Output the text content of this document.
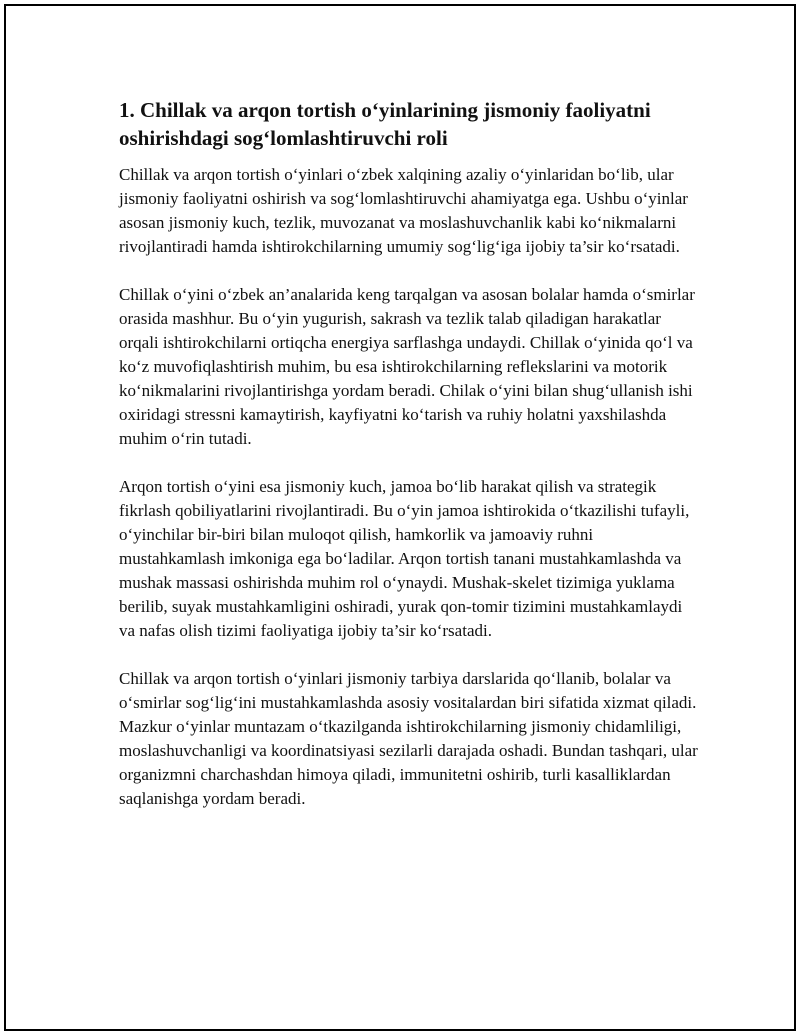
1. Chillak va arqon tortish o‘yinlarining jismoniy faoliyatni oshirishdagi sog‘lomlashtiruvchi roli

Chillak va arqon tortish o‘yinlari o‘zbek xalqining azaliy o‘yinlaridan bo‘lib, ular jismoniy faoliyatni oshirish va sog‘lomlashtiruvchi ahamiyatga ega. Ushbu o‘yinlar asosan jismoniy kuch, tezlik, muvozanat va moslashuvchanlik kabi ko‘nikmalarni rivojlantiradi hamda ishtirokchilarning umumiy sog‘lig‘iga ijobiy ta’sir ko‘rsatadi.

Chillak o‘yini o‘zbek an’analarida keng tarqalgan va asosan bolalar hamda o‘smirlar orasida mashhur. Bu o‘yin yugurish, sakrash va tezlik talab qiladigan harakatlar orqali ishtirokchilarni ortiqcha energiya sarflashga undaydi. Chillak o‘yinida qo‘l va ko‘z muvofiqlashtirish muhim, bu esa ishtirokchilarning reflekslarini va motorik ko‘nikmalarini rivojlantirishga yordam beradi. Chilak o‘yini bilan shug‘ullanish ishi oxiridagi stressni kamaytirish, kayfiyatni ko‘tarish va ruhiy holatni yaxshilashda muhim o‘rin tutadi.

Arqon tortish o‘yini esa jismoniy kuch, jamoa bo‘lib harakat qilish va strategik fikrlash qobiliyatlarini rivojlantiradi. Bu o‘yin jamoa ishtirokida o‘tkazilishi tufayli, o‘yinchilar bir-biri bilan muloqot qilish, hamkorlik va jamoaviy ruhni mustahkamlash imkoniga ega bo‘ladilar. Arqon tortish tanani mustahkamlashda va mushak massasi oshirishda muhim rol o‘ynaydi. Mushak-skelet tizimiga yuklama berilib, suyak mustahkamligini oshiradi, yurak qon-tomir tizimini mustahkamlaydi va nafas olish tizimi faoliyatiga ijobiy ta’sir ko‘rsatadi.

Chillak va arqon tortish o‘yinlari jismoniy tarbiya darslarida qo‘llanib, bolalar va o‘smirlar sog‘lig‘ini mustahkamlashda asosiy vositalardan biri sifatida xizmat qiladi. Mazkur o‘yinlar muntazam o‘tkazilganda ishtirokchilarning jismoniy chidamliligi, moslashuvchanligi va koordinatsiyasi sezilarli darajada oshadi. Bundan tashqari, ular organizmni charchashdan himoya qiladi, immunitetni oshirib, turli kasalliklardan saqlanishga yordam beradi.
